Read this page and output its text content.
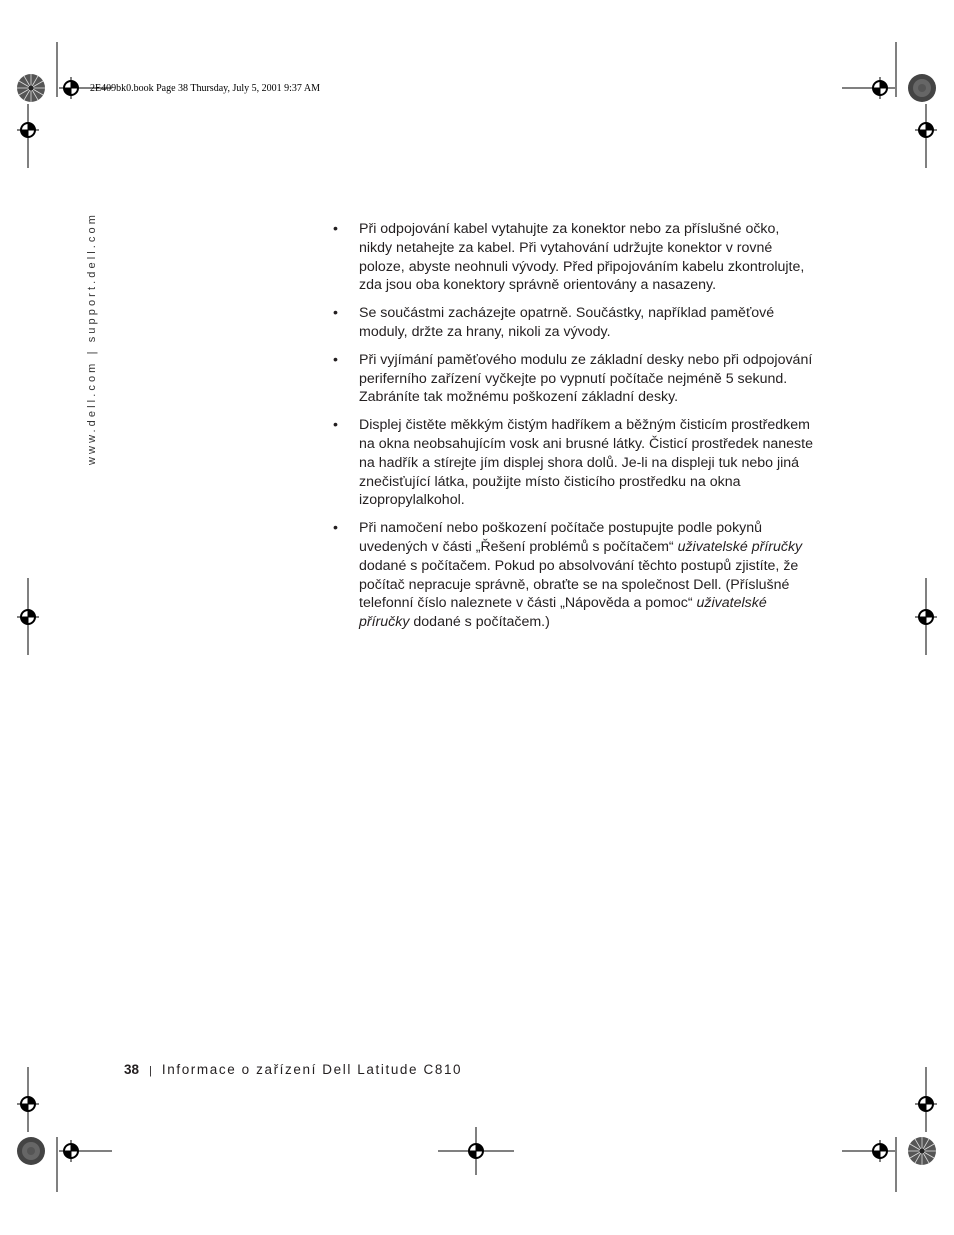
2E409bk0.book Page 38 Thursday, July 5, 2001 9:37 AM
www.dell.com | support.dell.com	• Při odpojování kabel vytahujte za konektor nebo za příslušné očko, nikdy netahejte za kabel. Při vytahování udržujte konektor v rovné poloze, abyste neohnuli vývody. Před připojováním kabelu zkontrolujte, zda jsou oba konektory správně orientovány a nasazeny.
• Se součástmi zacházejte opatrně. Součástky, například paměťové moduly, držte za hrany, nikoli za vývody.
• Při vyjímání paměťového modulu ze základní desky nebo při odpojování periferního zařízení vyčkejte po vypnutí počítače nejméně 5 sekund. Zabráníte tak možnému poškození základní desky.
• Displej čistěte měkkým čistým hadříkem a běžným čisticím prostředkem na okna neobsahujícím vosk ani brusné látky. Čisticí prostředek naneste na hadřík a stírejte jím displej shora dolů. Je-li na displeji tuk nebo jiná znečisťující látka, použijte místo čisticího prostředku na okna izopropylalkohol.
• Při namočení nebo poškození počítače postupujte podle pokynů uvedených v části „Řešení problémů s počítačem“ uživatelské příručky dodané s počítačem. Pokud po absolvování těchto postupů zjistíte, že počítač nepracuje správně, obraťte se na společnost Dell. (Příslušné telefonní číslo naleznete v části „Nápověda a pomoc“ uživatelské příručky dodané s počítačem.)
38 | Informace o zařízení Dell Latitude C810
